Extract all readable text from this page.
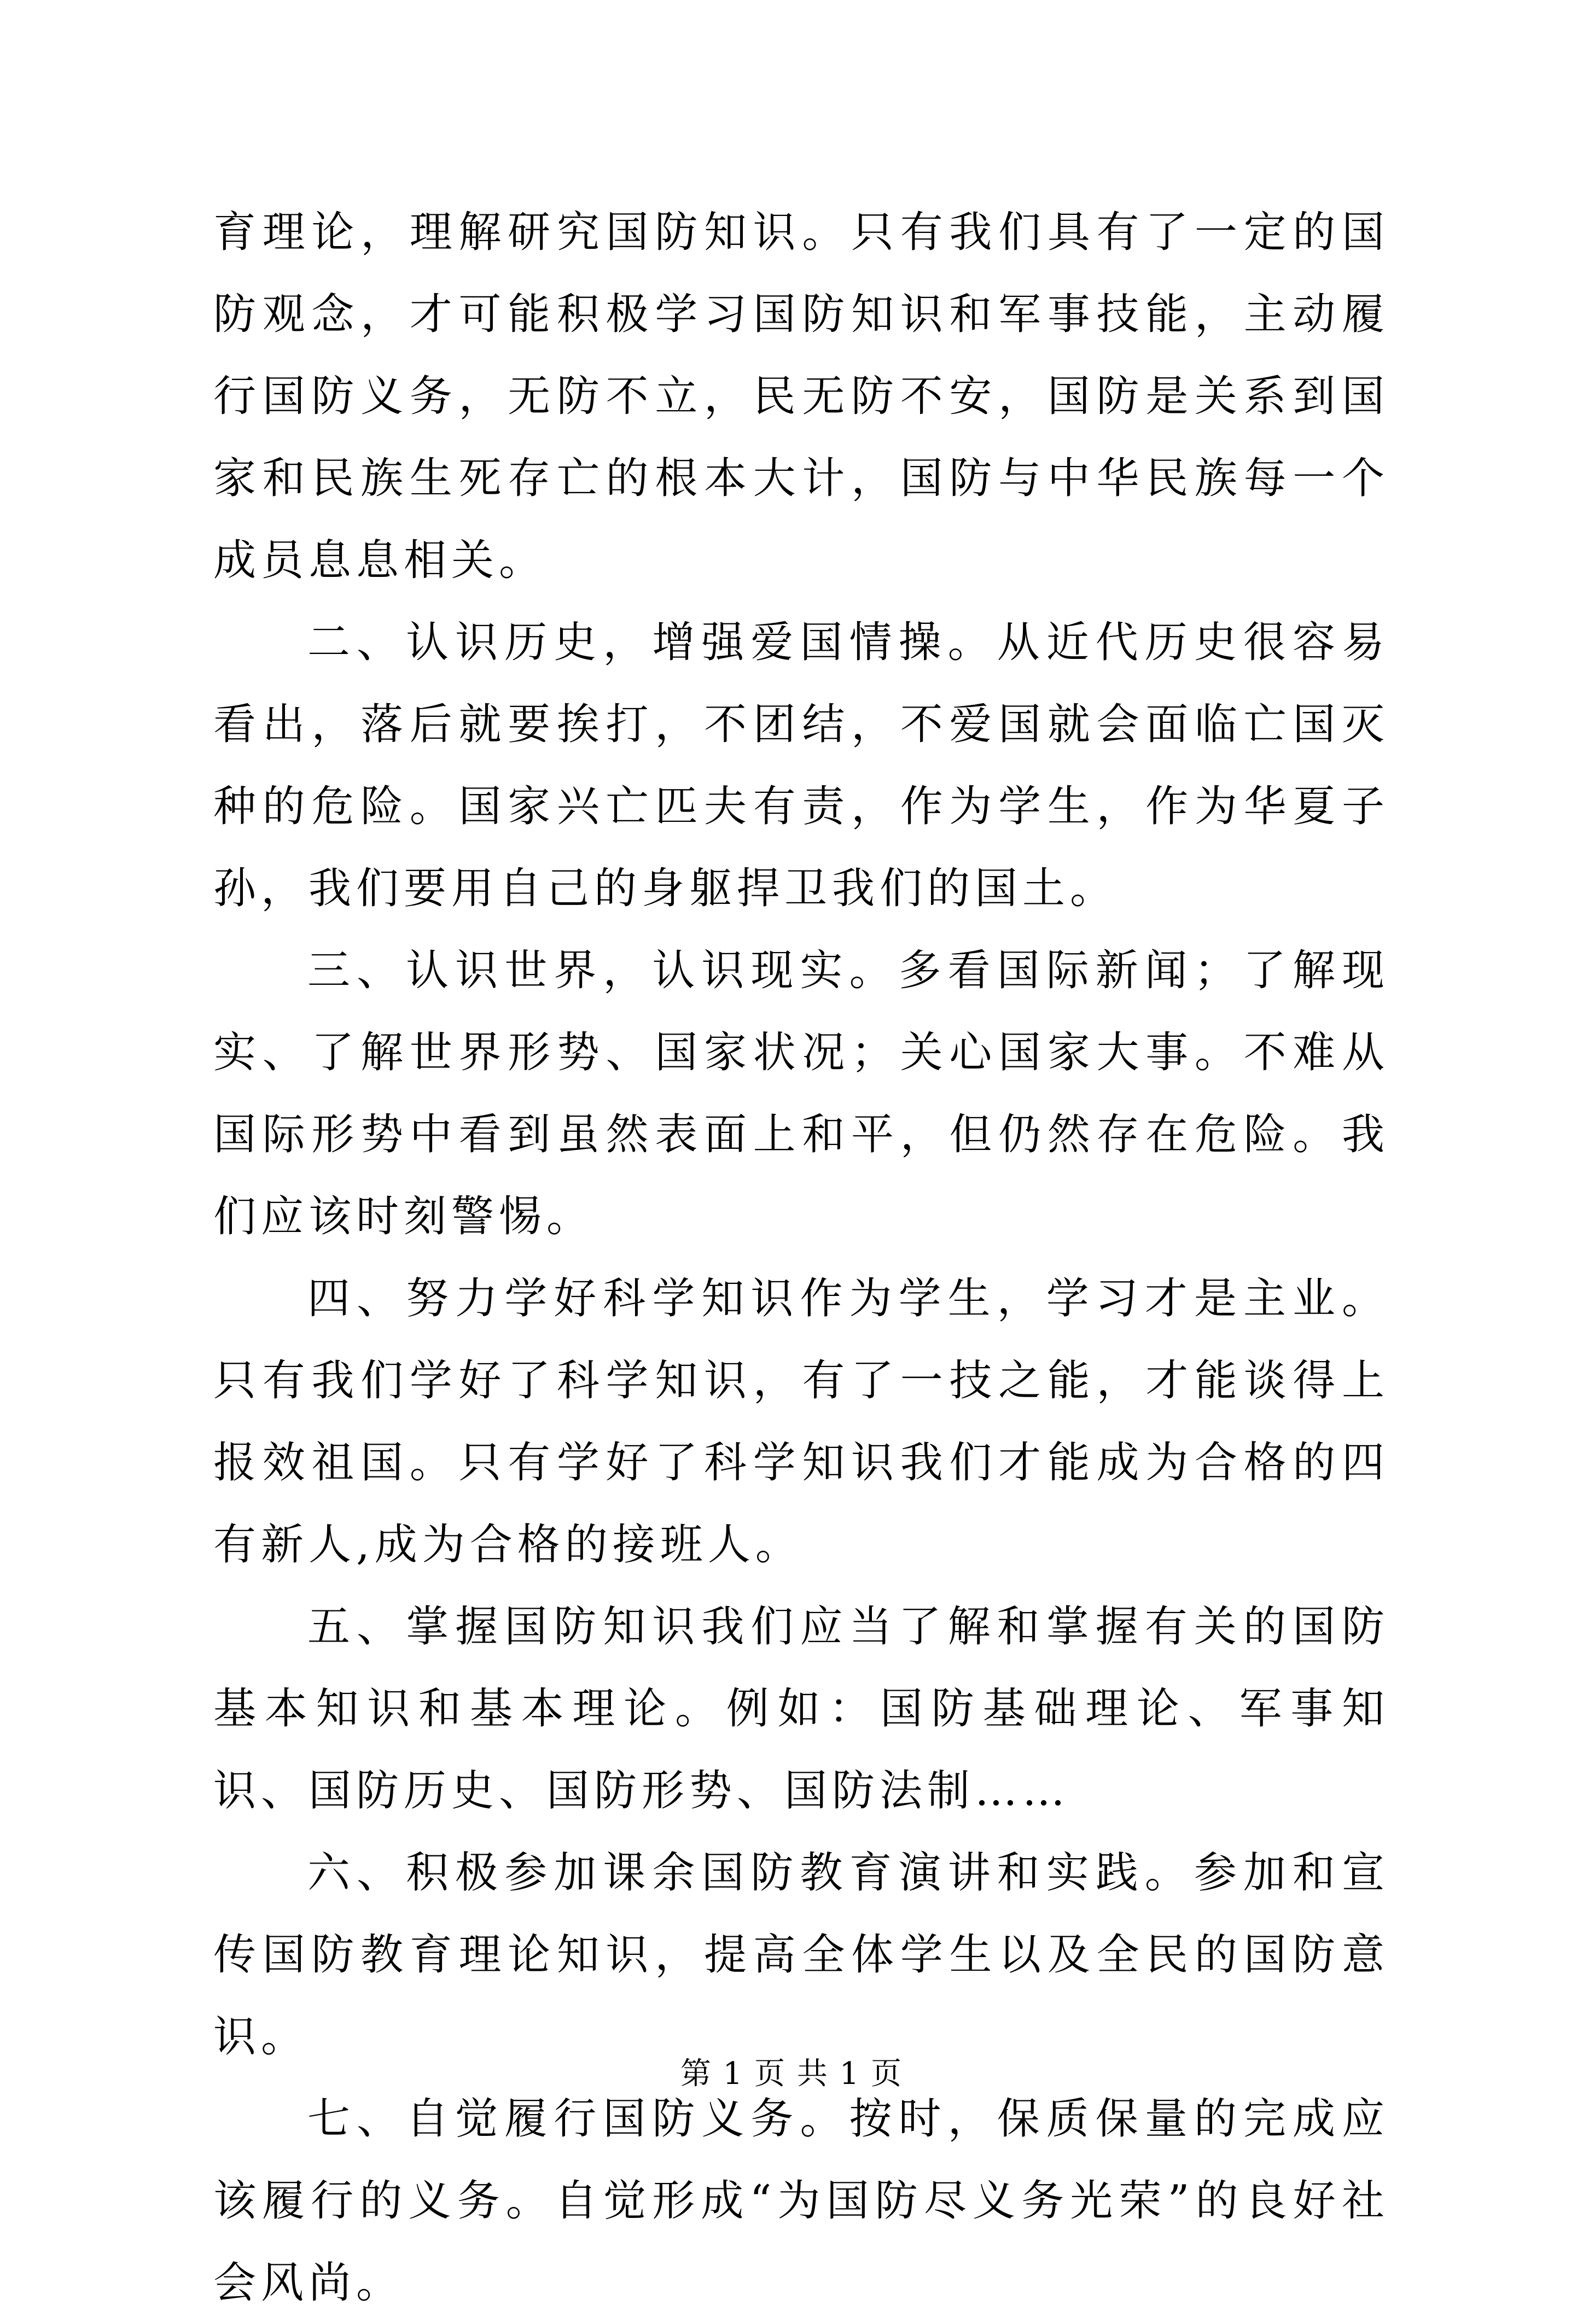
育理论，理解研究国防知识。只有我们具有了一定的国防观念，才可能积极学习国防知识和军事技能，主动履行国防义务，无防不立，民无防不安，国防是关系到国家和民族生死存亡的根本大计，国防与中华民族每一个成员息息相关。

二、认识历史，增强爱国情操。从近代历史很容易看出，落后就要挨打，不团结，不爱国就会面临亡国灭种的危险。国家兴亡匹夫有责，作为学生，作为华夏子孙，我们要用自己的身躯捍卫我们的国土。

三、认识世界，认识现实。多看国际新闻；了解现实、了解世界形势、国家状况；关心国家大事。不难从国际形势中看到虽然表面上和平，但仍然存在危险。我们应该时刻警惕。

四、努力学好科学知识作为学生，学习才是主业。只有我们学好了科学知识，有了一技之能，才能谈得上报效祖国。只有学好了科学知识我们才能成为合格的四有新人,成为合格的接班人。

五、掌握国防知识我们应当了解和掌握有关的国防基本知识和基本理论。例如：国防基础理论、军事知识、国防历史、国防形势、国防法制……

六、积极参加课余国防教育演讲和实践。参加和宣传国防教育理论知识，提高全体学生以及全民的国防意识。

七、自觉履行国防义务。按时，保质保量的完成应该履行的义务。自觉形成“为国防尽义务光荣”的良好社会风尚。

第 1 页 共 1 页
